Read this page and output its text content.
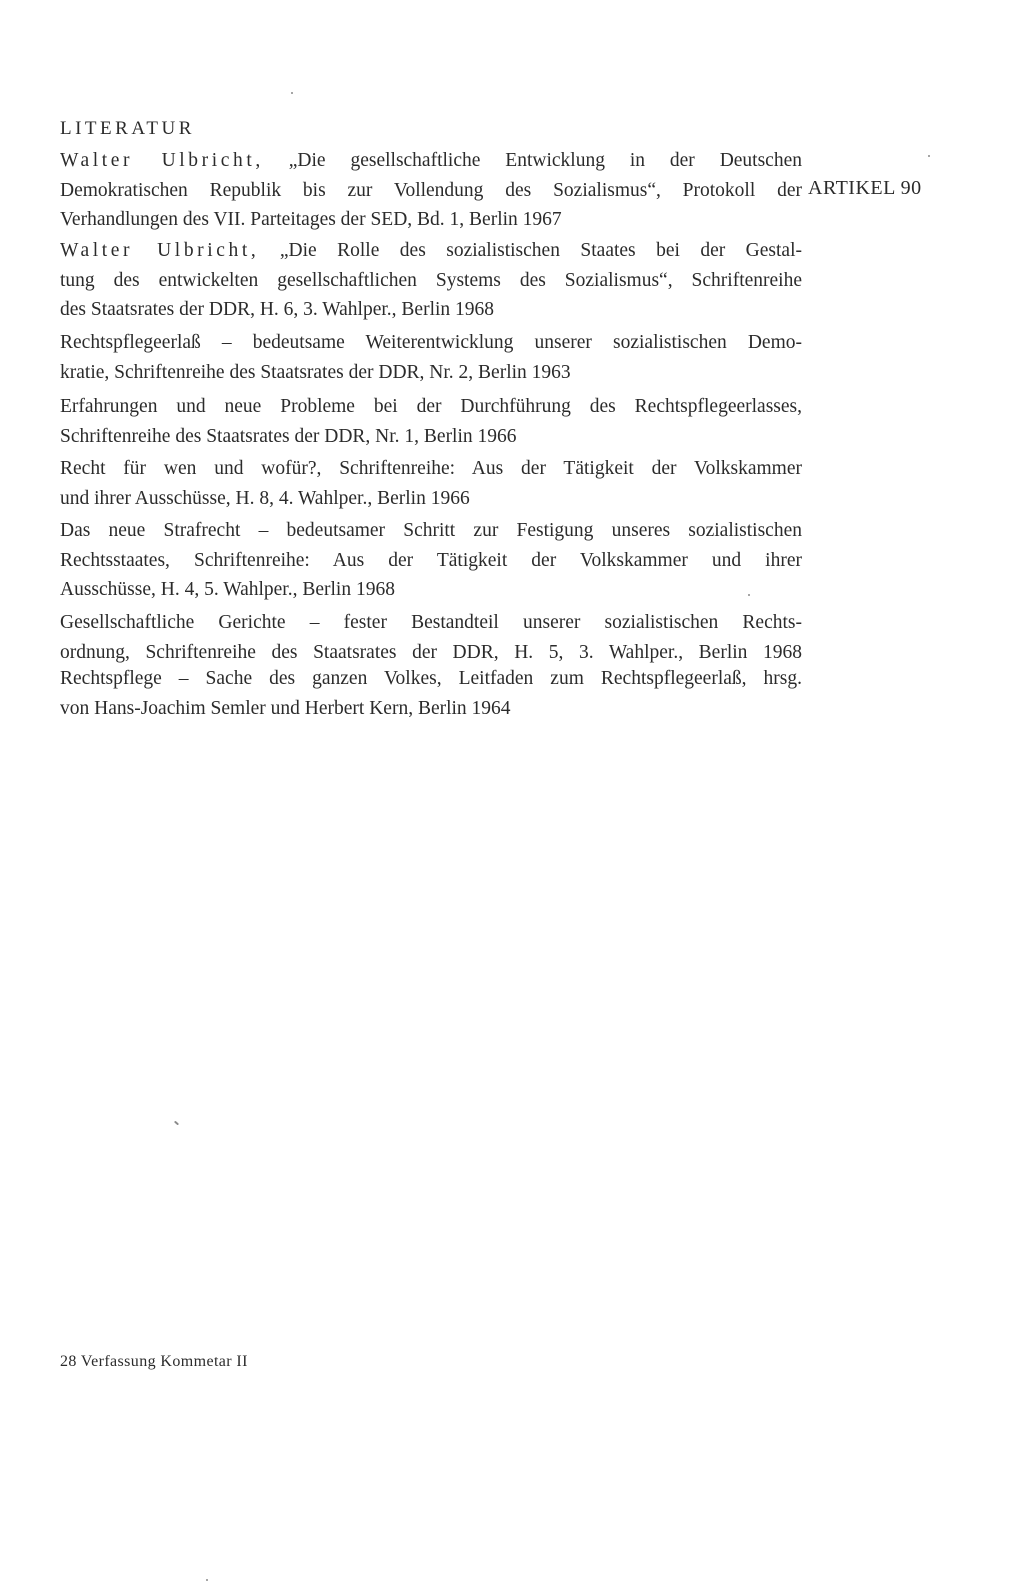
LITERATUR
ARTIKEL 90
Walter Ulbricht, „Die gesellschaftliche Entwicklung in der Deutschen
Demokratischen Republik bis zur Vollendung des Sozialismus“, Protokoll der
Verhandlungen des VII. Parteitages der SED, Bd. 1, Berlin 1967
Walter Ulbricht, „Die Rolle des sozialistischen Staates bei der Gestal-
tung des entwickelten gesellschaftlichen Systems des Sozialismus“, Schriftenreihe
des Staatsrates der DDR, H. 6, 3. Wahlper., Berlin 1968
Rechtspflegeerlaß – bedeutsame Weiterentwicklung unserer sozialistischen Demo-
kratie, Schriftenreihe des Staatsrates der DDR, Nr. 2, Berlin 1963
Erfahrungen und neue Probleme bei der Durchführung des Rechtspflegeerlasses,
Schriftenreihe des Staatsrates der DDR, Nr. 1, Berlin 1966
Recht für wen und wofür?, Schriftenreihe: Aus der Tätigkeit der Volkskammer
und ihrer Ausschüsse, H. 8, 4. Wahlper., Berlin 1966
Das neue Strafrecht – bedeutsamer Schritt zur Festigung unseres sozialistischen
Rechtsstaates, Schriftenreihe: Aus der Tätigkeit der Volkskammer und ihrer
Ausschüsse, H. 4, 5. Wahlper., Berlin 1968
Gesellschaftliche Gerichte – fester Bestandteil unserer sozialistischen Rechts-
ordnung, Schriftenreihe des Staatsrates der DDR, H. 5, 3. Wahlper., Berlin 1968
Rechtspflege – Sache des ganzen Volkes, Leitfaden zum Rechtspflegeerlaß, hrsg.
von Hans-Joachim Semler und Herbert Kern, Berlin 1964
28 Verfassung Kommetar II
